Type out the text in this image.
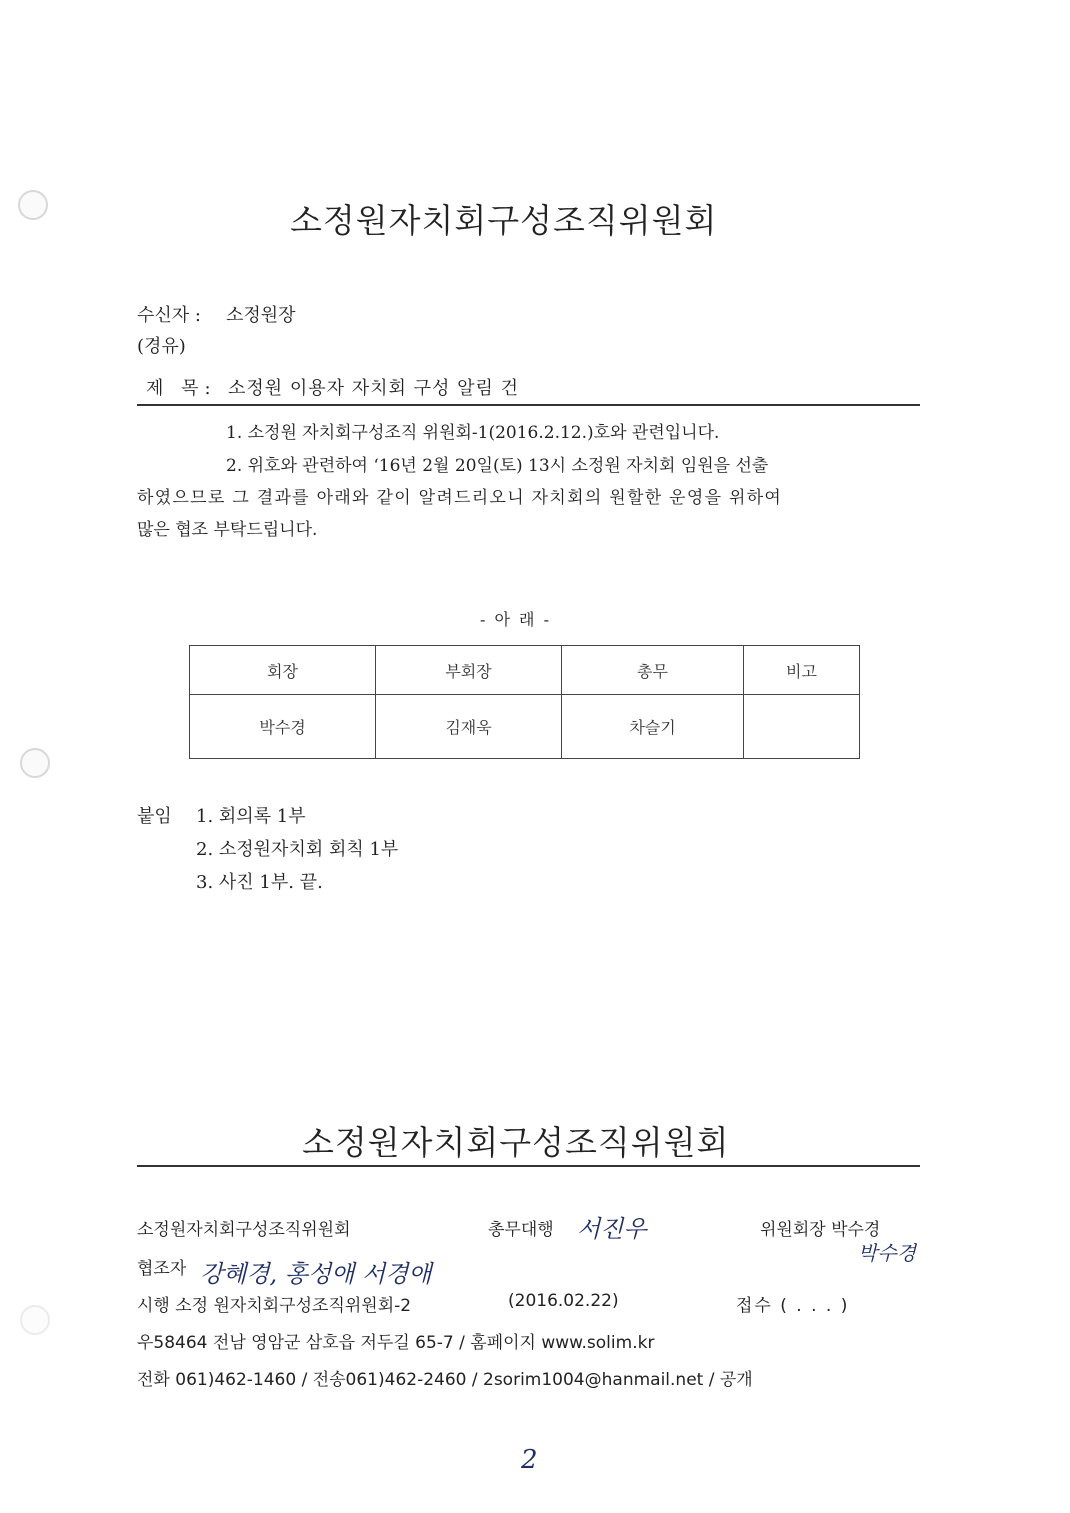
소정원자치회구성조직위원회
수신자 : 소정원장
(경유)
제 목: 소정원 이용자 자치회 구성 알림 건
1. 소정원 자치회구성조직 위원회-1(2016.2.12.)호와 관련입니다.
2. 위호와 관련하여 ‘16년 2월 20일(토) 13시 소정원 자치회 임원을 선출
하였으므로 그 결과를 아래와 같이 알려드리오니 자치회의 원할한 운영을 위하여
많은 협조 부탁드립니다.
- 아 래 -
회장	부회장	총무	비고
박수경	김재욱	차슬기	
붙임 1. 회의록 1부
2. 소정원자치회 회칙 1부
3. 사진 1부. 끝.
소정원자치회구성조직위원회
소정원자치회구성조직위원회	총무대행 서진우	위원회장 박수경
박수경
협조자 강혜경, 홍성애 서경애
시행 소정 원자치회구성조직위원회-2	(2016.02.22)	접수 ( . . . )
우58464 전남 영암군 삼호읍 저두길 65-7 / 홈페이지 www.solim.kr
전화 061)462-1460 / 전송061)462-2460 / 2sorim1004@hanmail.net / 공개
2
